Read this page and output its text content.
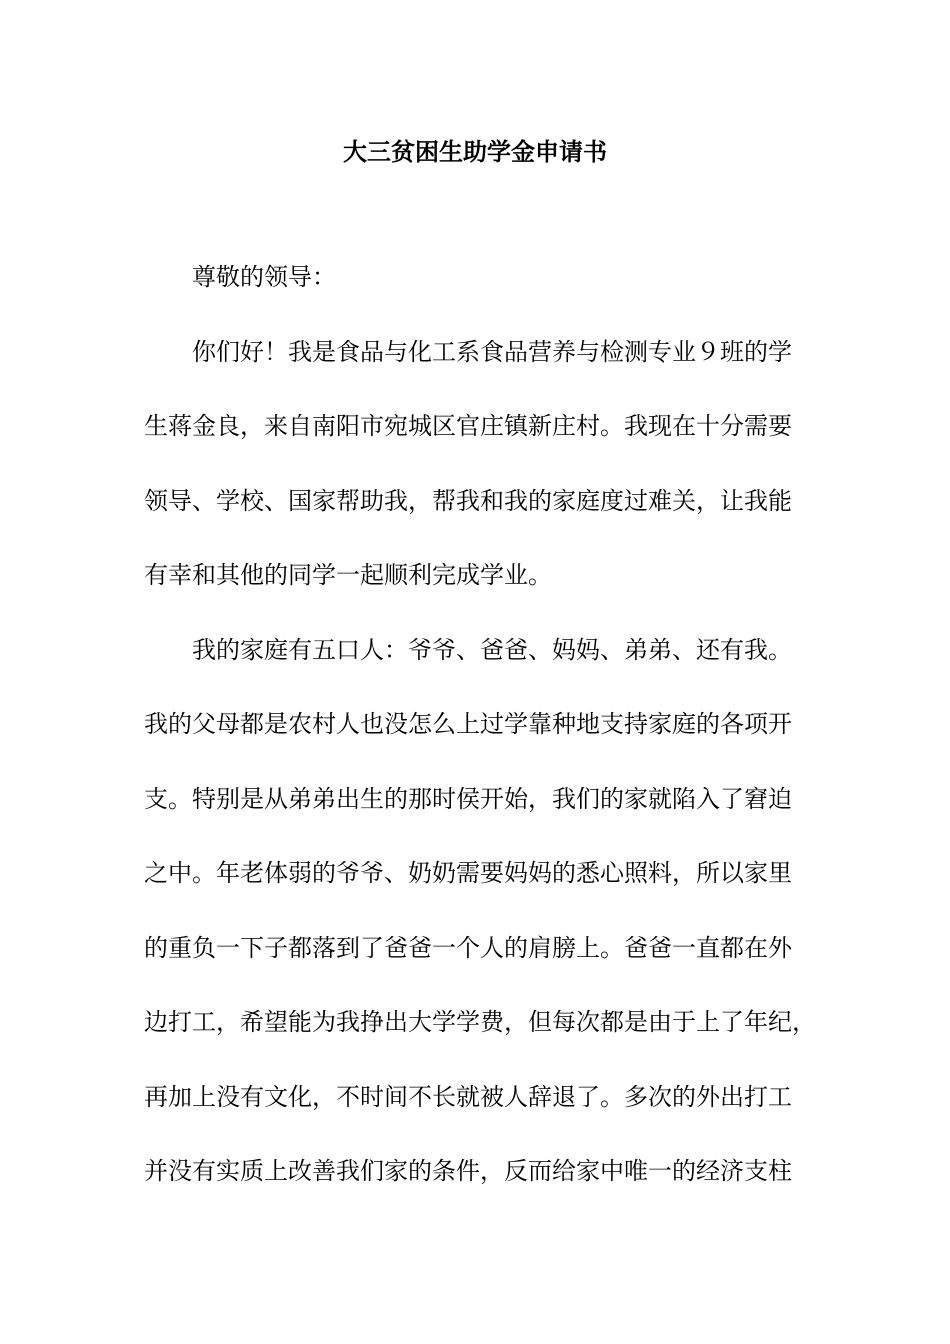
大三贫困生助学金申请书
尊敬的领导：
你们好！我是食品与化工系食品营养与检测专业９班的学
生蒋金良，来自南阳市宛城区官庄镇新庄村。我现在十分需要
领导、学校、国家帮助我，帮我和我的家庭度过难关，让我能
有幸和其他的同学一起顺利完成学业。
我的家庭有五口人：爷爷、爸爸、妈妈、弟弟、还有我。
我的父母都是农村人也没怎么上过学靠种地支持家庭的各项开
支。特别是从弟弟出生的那时侯开始，我们的家就陷入了窘迫
之中。年老体弱的爷爷、奶奶需要妈妈的悉心照料，所以家里
的重负一下子都落到了爸爸一个人的肩膀上。爸爸一直都在外
边打工，希望能为我挣出大学学费，但每次都是由于上了年纪，
再加上没有文化，不时间不长就被人辞退了。多次的外出打工
并没有实质上改善我们家的条件，反而给家中唯一的经济支柱
